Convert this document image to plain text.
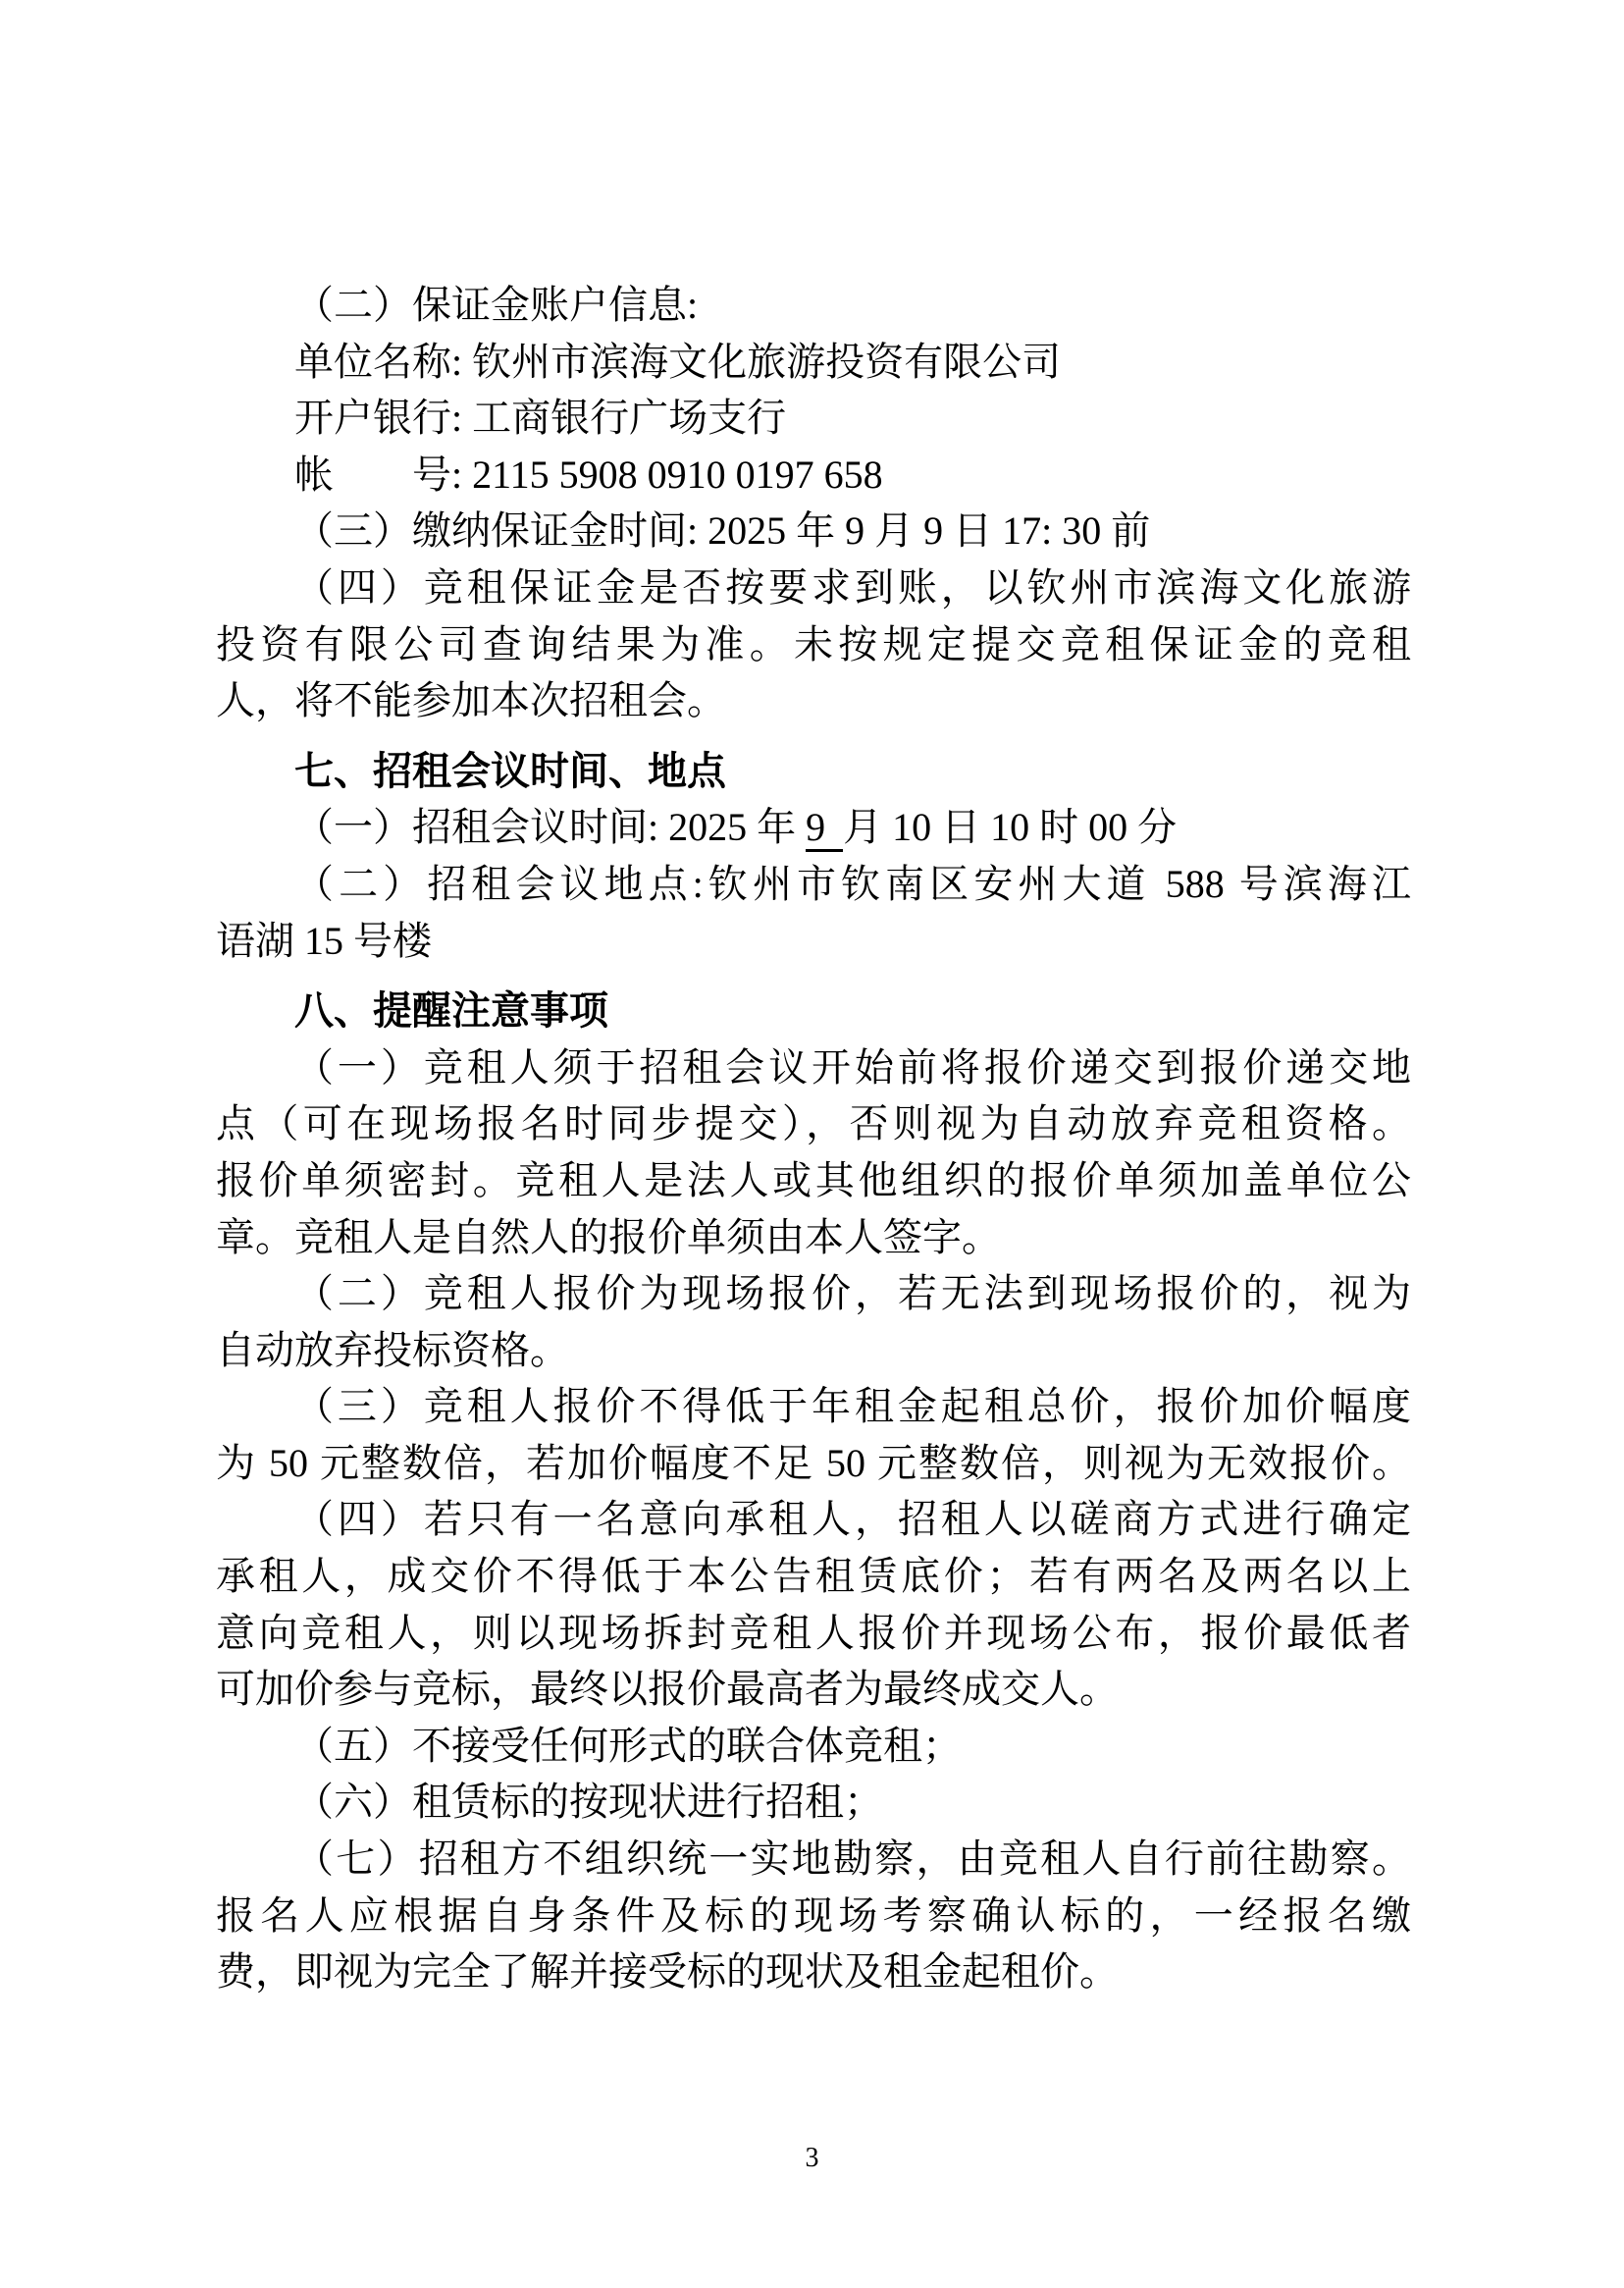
（二）保证金账户信息:
单位名称: 钦州市滨海文化旅游投资有限公司
开户银行: 工商银行广场支行
帐　　号: 2115 5908 0910 0197 658
（三）缴纳保证金时间: 2025 年 9 月 9 日 17: 30 前
（四）竞租保证金是否按要求到账，以钦州市滨海文化旅游
投资有限公司查询结果为准。未按规定提交竞租保证金的竞租
人，将不能参加本次招租会。
七、招租会议时间、地点
（一）招租会议时间: 2025 年 9 月 10 日 10 时 00 分
（二）招租会议地点:钦州市钦南区安州大道 588 号滨海江
语湖 15 号楼
八、提醒注意事项
（一）竞租人须于招租会议开始前将报价递交到报价递交地
点（可在现场报名时同步提交），否则视为自动放弃竞租资格。
报价单须密封。竞租人是法人或其他组织的报价单须加盖单位公
章。竞租人是自然人的报价单须由本人签字。
（二）竞租人报价为现场报价，若无法到现场报价的，视为
自动放弃投标资格。
（三）竞租人报价不得低于年租金起租总价，报价加价幅度
为 50 元整数倍，若加价幅度不足 50 元整数倍，则视为无效报价。
（四）若只有一名意向承租人，招租人以磋商方式进行确定
承租人，成交价不得低于本公告租赁底价；若有两名及两名以上
意向竞租人，则以现场拆封竞租人报价并现场公布，报价最低者
可加价参与竞标，最终以报价最高者为最终成交人。
（五）不接受任何形式的联合体竞租；
（六）租赁标的按现状进行招租；
（七）招租方不组织统一实地勘察，由竞租人自行前往勘察。
报名人应根据自身条件及标的现场考察确认标的，一经报名缴
费，即视为完全了解并接受标的现状及租金起租价。
3
